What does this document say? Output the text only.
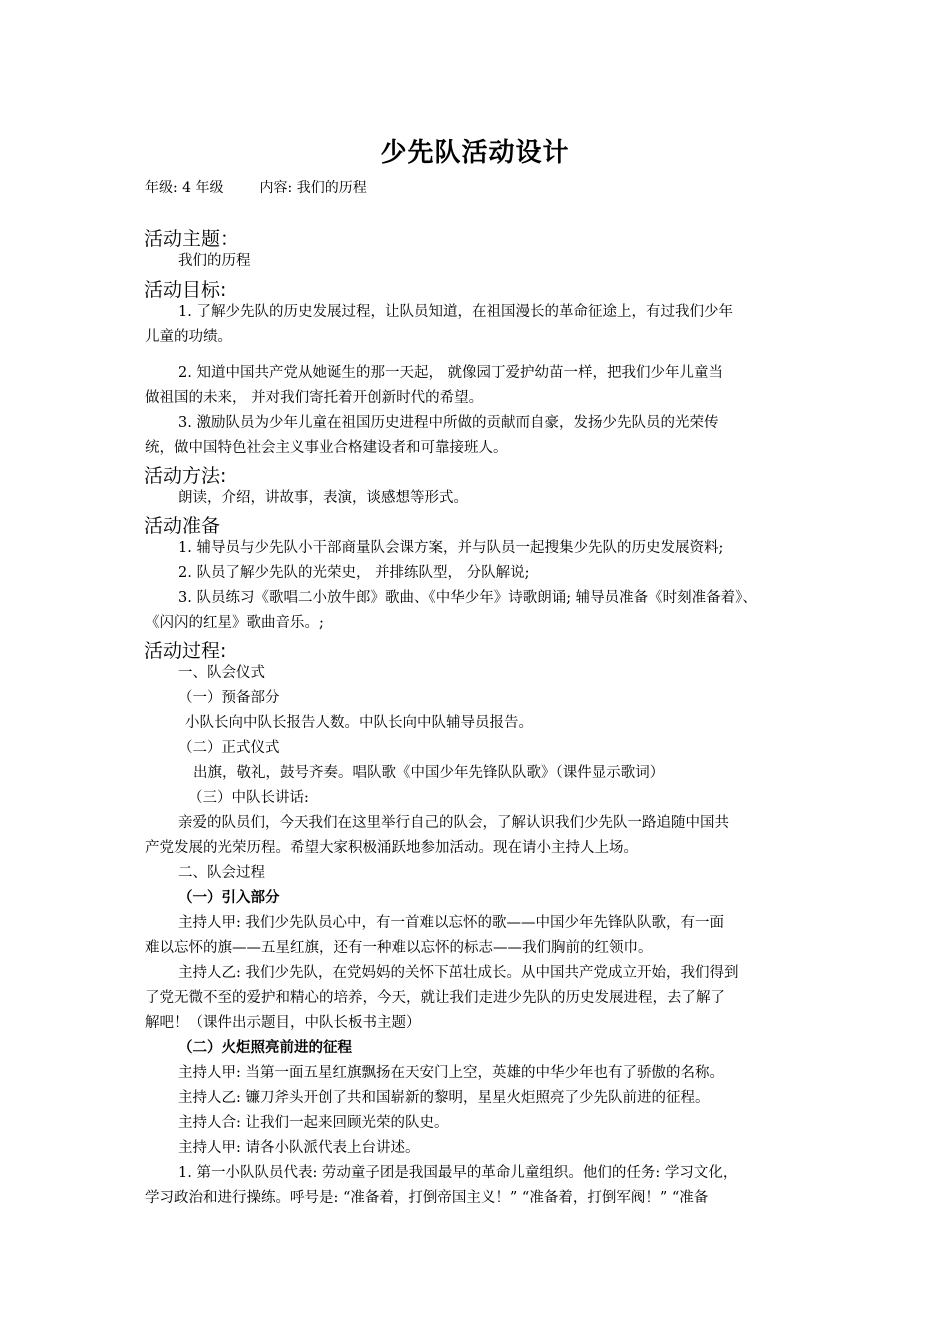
少先队活动设计
年级: 4 年级	内容: 我们的历程
活动主题：
我们的历程
活动目标:
1. 了解少先队的历史发展过程，让队员知道，在祖国漫长的革命征途上，有过我们少年
儿童的功绩。
2. 知道中国共产党从她诞生的那一天起， 就像园丁爱护幼苗一样，把我们少年儿童当
做祖国的未来， 并对我们寄托着开创新时代的希望。
3. 激励队员为少年儿童在祖国历史进程中所做的贡献而自豪，发扬少先队员的光荣传
统，做中国特色社会主义事业合格建设者和可靠接班人。
活动方法:
朗读，介绍，讲故事，表演，谈感想等形式。
活动准备
1. 辅导员与少先队小干部商量队会课方案，并与队员一起搜集少先队的历史发展资料;
2. 队员了解少先队的光荣史， 并排练队型， 分队解说;
3. 队员练习《歌唱二小放牛郎》歌曲、《中华少年》诗歌朗诵; 辅导员准备《时刻准备着》、
《闪闪的红星》歌曲音乐。;
活动过程:
一、队会仪式
（一）预备部分
小队长向中队长报告人数。中队长向中队辅导员报告。
（二）正式仪式
出旗，敬礼，鼓号齐奏。唱队歌《中国少年先锋队队歌》（课件显示歌词）
（三）中队长讲话:
亲爱的队员们，今天我们在这里举行自己的队会，了解认识我们少先队一路追随中国共
产党发展的光荣历程。希望大家积极涌跃地参加活动。现在请小主持人上场。
二、队会过程
（一）引入部分
主持人甲: 我们少先队员心中，有一首难以忘怀的歌——中国少年先锋队队歌，有一面
难以忘怀的旗——五星红旗，还有一种难以忘怀的标志——我们胸前的红领巾。
主持人乙: 我们少先队，在党妈妈的关怀下茁壮成长。从中国共产党成立开始，我们得到
了党无微不至的爱护和精心的培养，今天，就让我们走进少先队的历史发展进程，去了解了
解吧！（课件出示题目，中队长板书主题）
（二）火炬照亮前进的征程
主持人甲: 当第一面五星红旗飘扬在天安门上空，英雄的中华少年也有了骄傲的名称。
主持人乙: 镰刀斧头开创了共和国崭新的黎明，星星火炬照亮了少先队前进的征程。
主持人合: 让我们一起来回顾光荣的队史。
主持人甲: 请各小队派代表上台讲述。
1. 第一小队队员代表: 劳动童子团是我国最早的革命儿童组织。他们的任务: 学习文化，
学习政治和进行操练。呼号是: “准备着，打倒帝国主义！” “准备着，打倒军阀！” “准备
